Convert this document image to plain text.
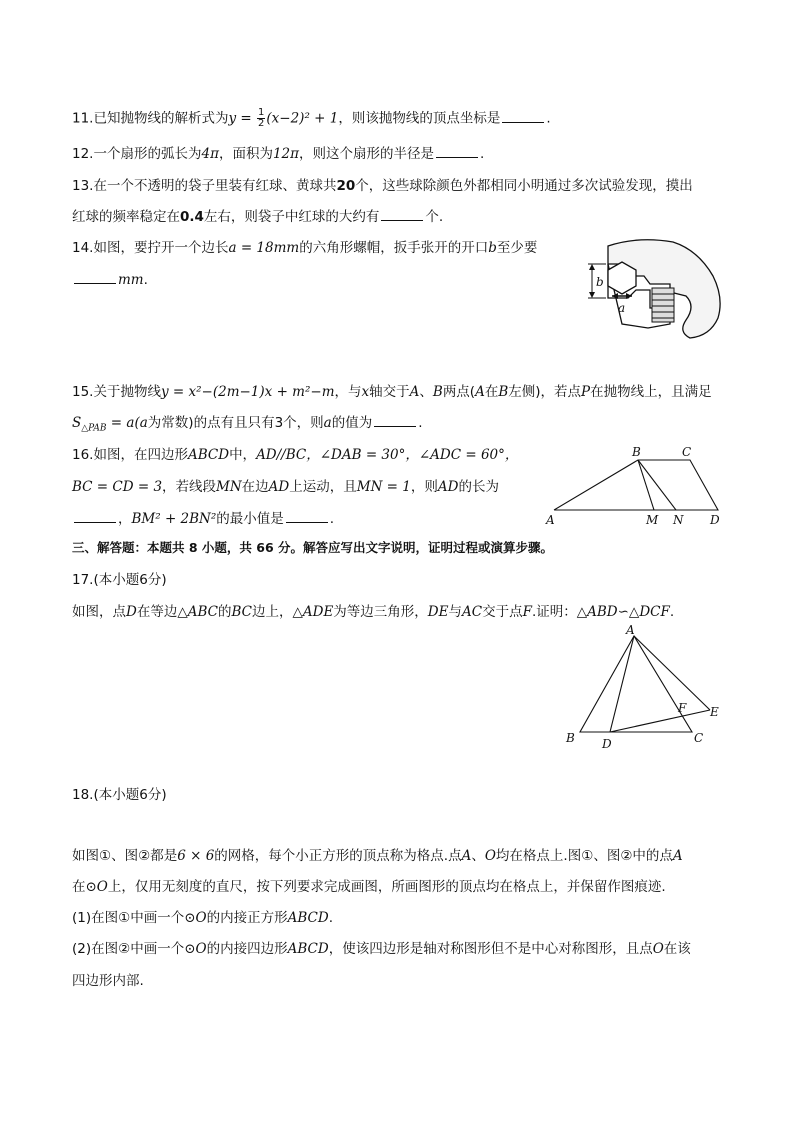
11.已知抛物线的解析式为$y = \frac{1}{2} (x-2)^2 + 1$，则该抛物线的顶点坐标是	.
12.一个扇形的弧长为4π，面积为12π，则这个扇形的半径是	.
13.在一个不透明的袋子里装有红球、黄球共20个，这些球除颜色外都相同小明通过多次试验发现，摸出
红球的频率稳定在0.4左右，则袋子中红球的大约有	个.
14.如图，要拧开一个边长a = 18mm的六角形螺帽，扳手张开的开口b至少要
mm.	b
a
15.关于抛物线y = x²−(2m−1)x + m²−m，与x轴交于A、B两点(A在B左侧)，若点P在抛物线上，且满足
$S_{\triangle PAB} = a(a$为常数)的点有且只有3个，则a的值为	.
16.如图，在四边形ABCD中，AD//BC，∠DAB = 30°，∠ADC = 60°，
BC = CD = 3，若线段MN在边AD上运动，且MN = 1，则AD的长为
，BM² + 2BN²的最小值是	.	A	M N D
B	C
三、解答题：本题共 8 小题，共 66 分。解答应写出文字说明，证明过程或演算步骤。
17.(本小题6分)
如图，点D在等边△ABC的BC边上，△ADE为等边三角形，DE与AC交于点F.证明：△ABD∽△DCF.
A
B D	C
F E
18.(本小题6分)
如图①、图②都是6 × 6的网格，每个小正方形的顶点称为格点.点A、O均在格点上.图①、图②中的点A
在⊙O上，仅用无刻度的直尺，按下列要求完成画图，所画图形的顶点均在格点上，并保留作图痕迹.
(1)在图①中画一个⊙O的内接正方形ABCD.
(2)在图②中画一个⊙O的内接四边形ABCD，使该四边形是轴对称图形但不是中心对称图形，且点O在该
四边形内部.
